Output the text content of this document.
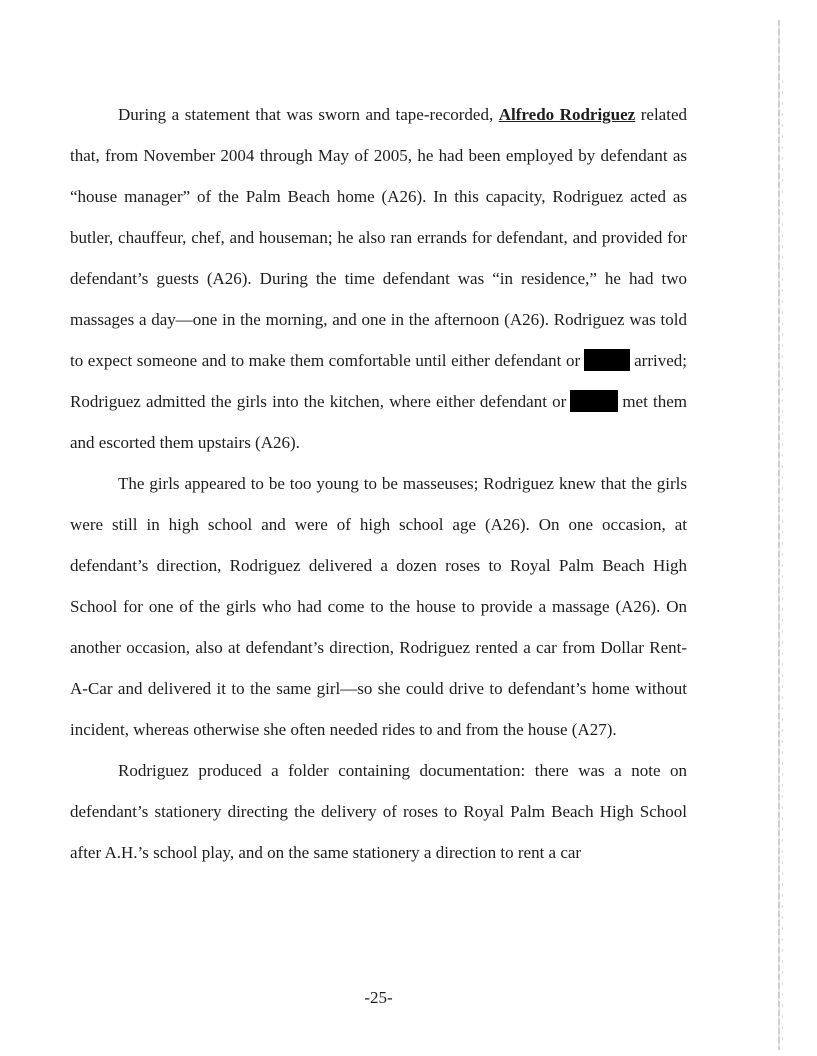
During a statement that was sworn and tape-recorded, Alfredo Rodriguez related that, from November 2004 through May of 2005, he had been employed by defendant as “house manager” of the Palm Beach home (A26). In this capacity, Rodriguez acted as butler, chauffeur, chef, and houseman; he also ran errands for defendant, and provided for defendant’s guests (A26). During the time defendant was “in residence,” he had two massages a day—one in the morning, and one in the afternoon (A26). Rodriguez was told to expect someone and to make them comfortable until either defendant or	arrived; Rodriguez admitted the girls into the kitchen, where either defendant or	met them and escorted them upstairs (A26).

The girls appeared to be too young to be masseuses; Rodriguez knew that the girls were still in high school and were of high school age (A26). On one occasion, at defendant’s direction, Rodriguez delivered a dozen roses to Royal Palm Beach High School for one of the girls who had come to the house to provide a massage (A26). On another occasion, also at defendant’s direction, Rodriguez rented a car from Dollar Rent-A-Car and delivered it to the same girl—so she could drive to defendant’s home without incident, whereas otherwise she often needed rides to and from the house (A27).

Rodriguez produced a folder containing documentation: there was a note on defendant’s stationery directing the delivery of roses to Royal Palm Beach High School after A.H.’s school play, and on the same stationery a direction to rent a car

-25-
